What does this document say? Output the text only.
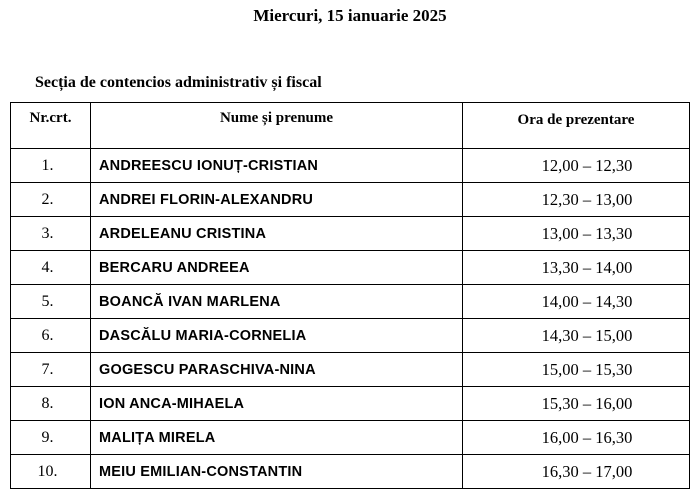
Miercuri, 15 ianuarie 2025
Secția de contencios administrativ și fiscal
Nr.crt.	Nume și prenume	Ora de prezentare
1.	ANDREESCU IONUȚ-CRISTIAN	12,00 – 12,30
2.	ANDREI FLORIN-ALEXANDRU	12,30 – 13,00
3.	ARDELEANU CRISTINA	13,00 – 13,30
4.	BERCARU ANDREEA	13,30 – 14,00
5.	BOANCĂ IVAN MARLENA	14,00 – 14,30
6.	DASCĂLU MARIA-CORNELIA	14,30 – 15,00
7.	GOGESCU PARASCHIVA-NINA	15,00 – 15,30
8.	ION ANCA-MIHAELA	15,30 – 16,00
9.	MALIȚA MIRELA	16,00 – 16,30
10.	MEIU EMILIAN-CONSTANTIN	16,30 – 17,00
